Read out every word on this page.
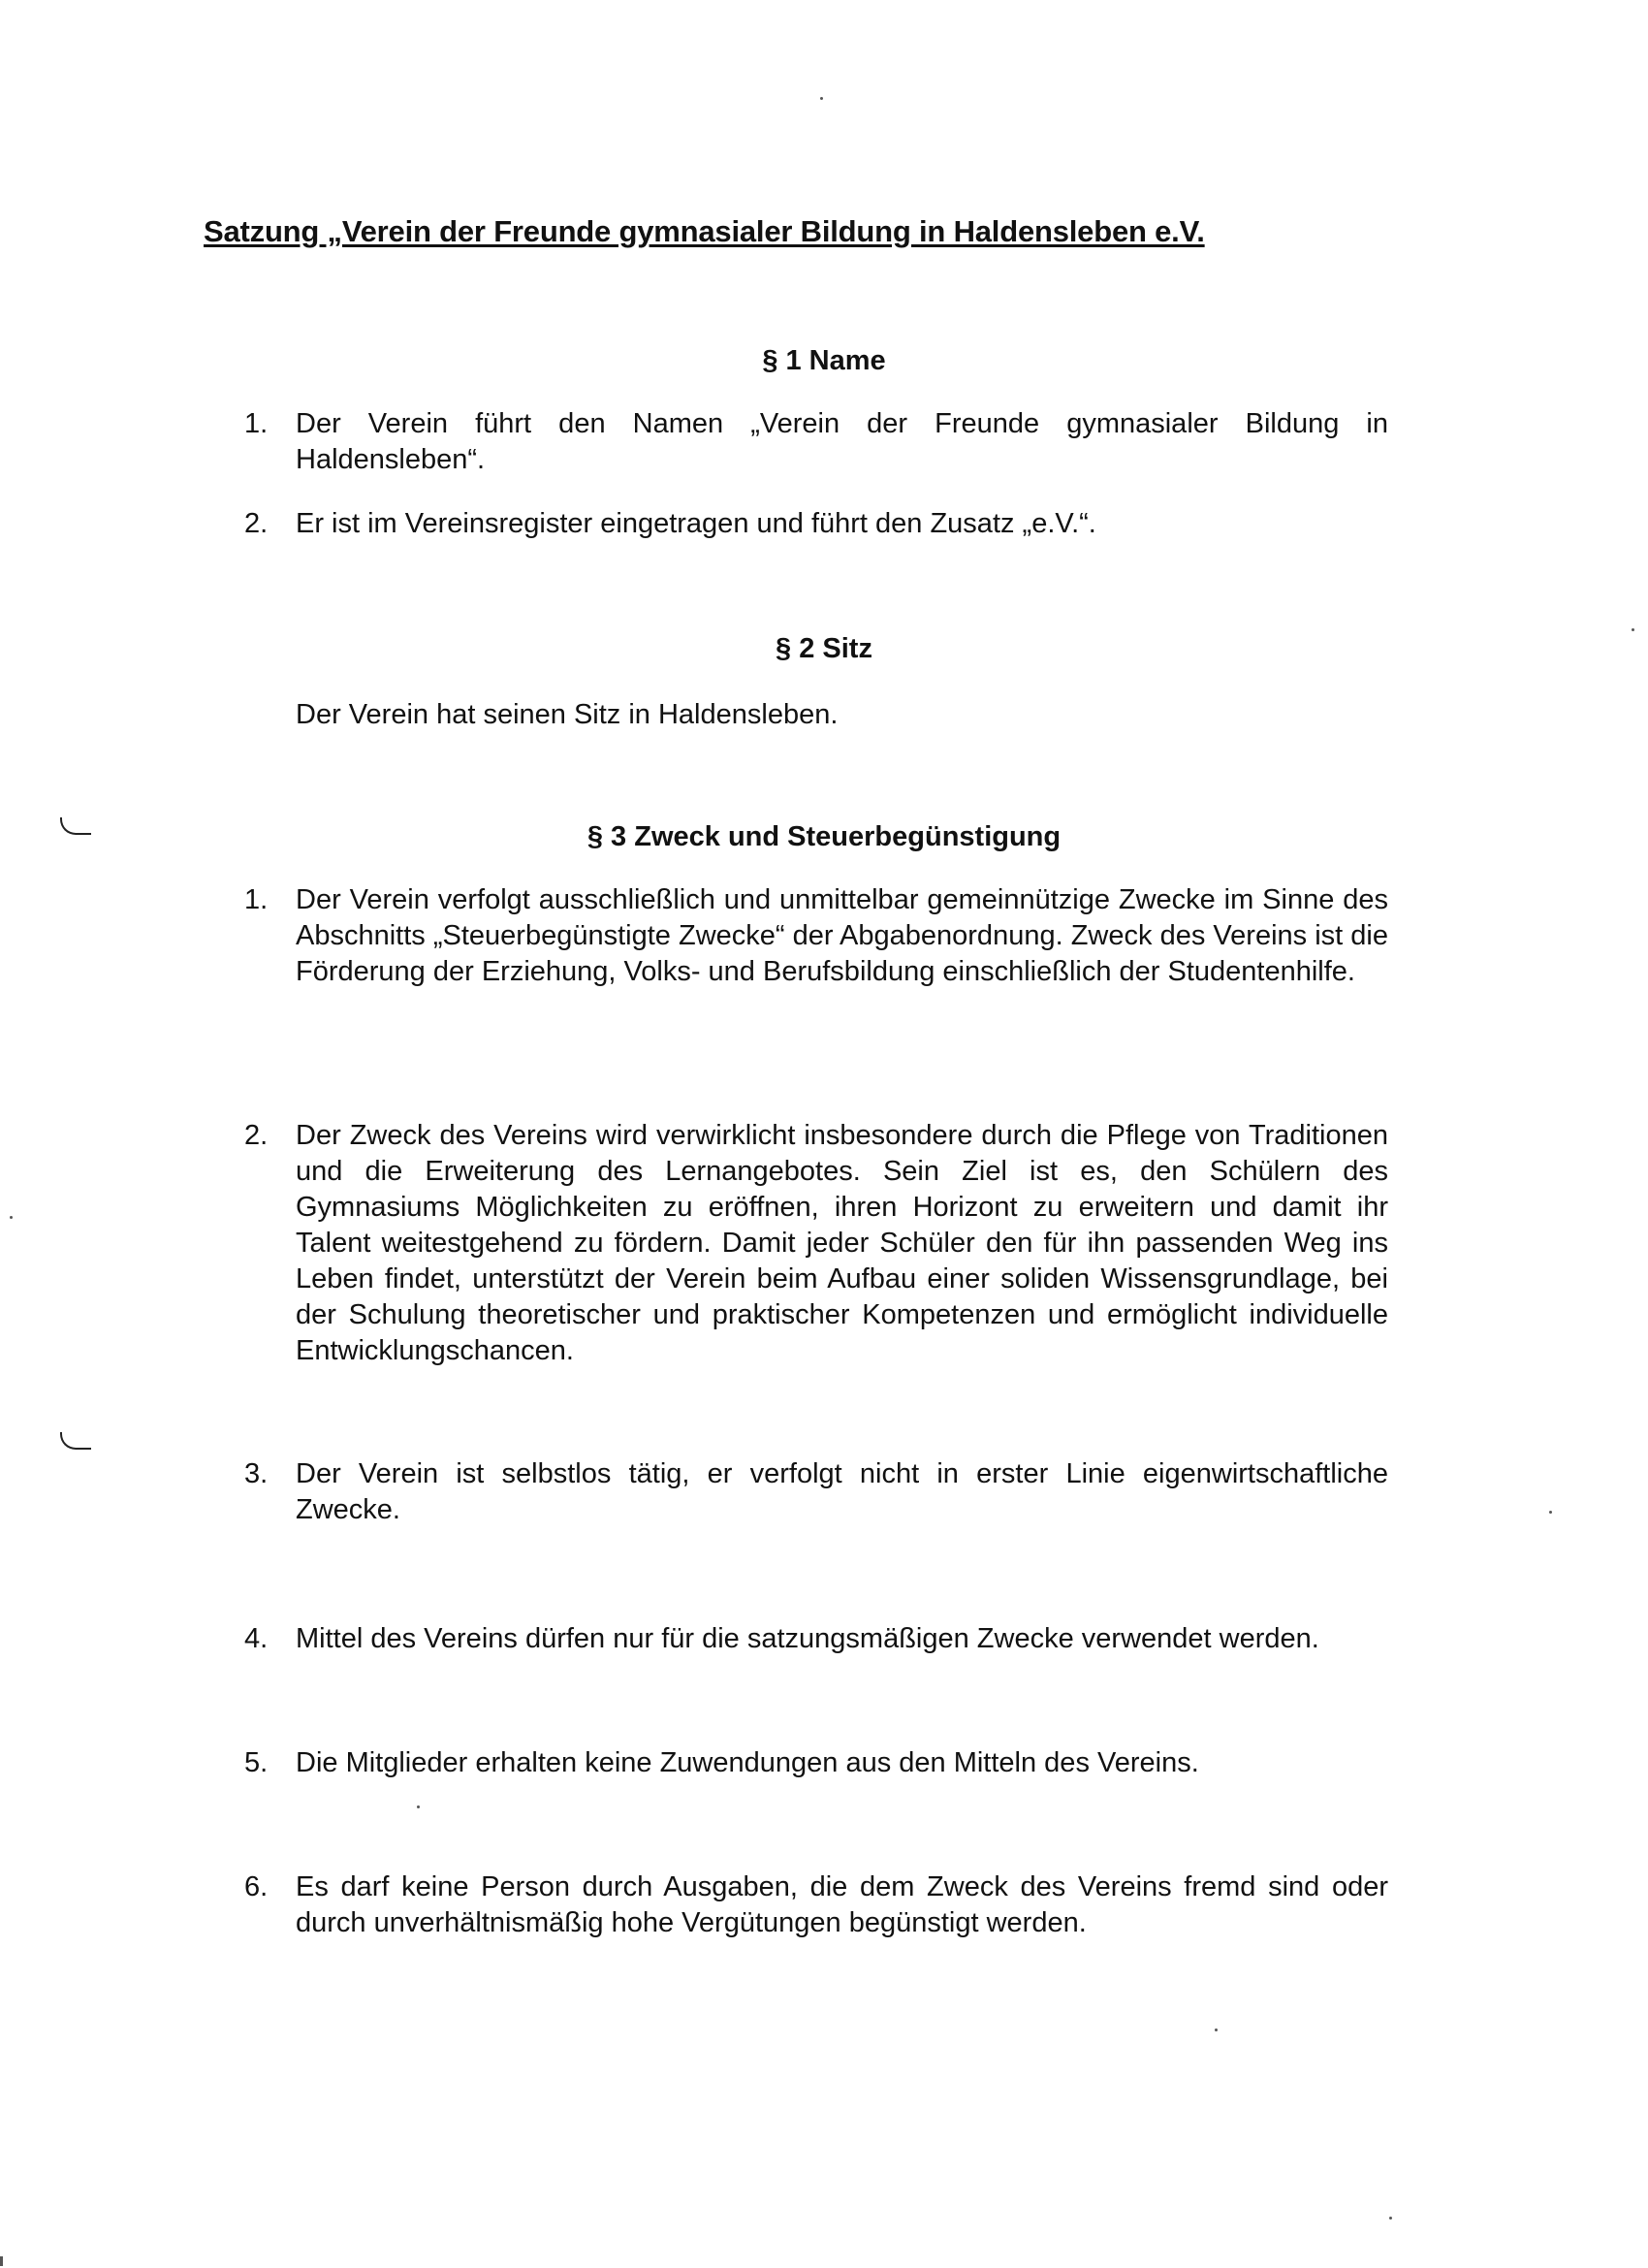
Satzung „Verein der Freunde gymnasialer Bildung in Haldensleben e.V.
§ 1 Name
1. Der Verein führt den Namen „Verein der Freunde gymnasialer Bildung in Haldensleben“.
2. Er ist im Vereinsregister eingetragen und führt den Zusatz „e.V.“.
§ 2 Sitz
Der Verein hat seinen Sitz in Haldensleben.
§ 3 Zweck und Steuerbegünstigung
1. Der Verein verfolgt ausschließlich und unmittelbar gemeinnützige Zwecke im Sinne des Abschnitts „Steuerbegünstigte Zwecke“ der Abgabenordnung. Zweck des Vereins ist die Förderung der Erziehung, Volks- und Berufsbildung einschließlich der Studentenhilfe.
2. Der Zweck des Vereins wird verwirklicht insbesondere durch die Pflege von Traditionen und die Erweiterung des Lernangebotes. Sein Ziel ist es, den Schülern des Gymnasiums Möglichkeiten zu eröffnen, ihren Horizont zu erweitern und damit ihr Talent weitestgehend zu fördern. Damit jeder Schüler den für ihn passenden Weg ins Leben findet, unterstützt der Verein beim Aufbau einer soliden Wissensgrundlage, bei der Schulung theoretischer und praktischer Kompetenzen und ermöglicht individuelle Entwicklungschancen.
3. Der Verein ist selbstlos tätig, er verfolgt nicht in erster Linie eigenwirtschaftliche Zwecke.
4. Mittel des Vereins dürfen nur für die satzungsmäßigen Zwecke verwendet werden.
5. Die Mitglieder erhalten keine Zuwendungen aus den Mitteln des Vereins.
6. Es darf keine Person durch Ausgaben, die dem Zweck des Vereins fremd sind oder durch unverhältnismäßig hohe Vergütungen begünstigt werden.
